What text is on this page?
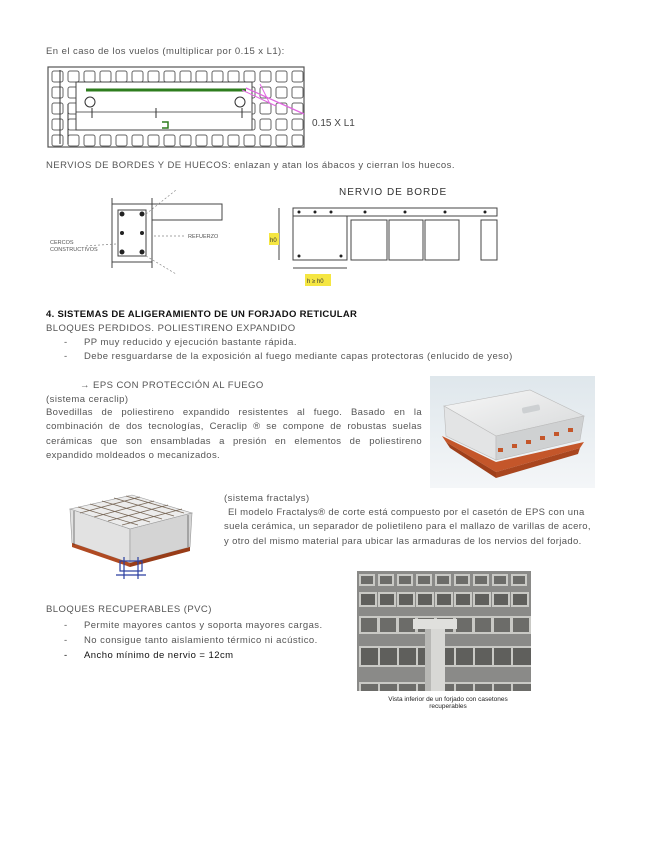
En el caso de los vuelos (multiplicar por 0.15 x L1):
0.15 X L1
NERVIOS DE BORDES Y DE HUECOS: enlazan y atan los ábacos y cierran los huecos.
CERCOS
CONSTRUCTIVOS
REFUERZO
NERVIO DE BORDE
h0
h ≥ h0
4. SISTEMAS DE ALIGERAMIENTO DE UN FORJADO RETICULAR
BLOQUES PERDIDOS. POLIESTIRENO EXPANDIDO
- PP muy reducido y ejecución bastante rápida.
- Debe resguardarse de la exposición al fuego mediante capas protectoras (enlucido de yeso)
→ EPS CON PROTECCIÓN AL FUEGO
(sistema ceraclip)
Bovedillas de poliestireno expandido resistentes al fuego. Basado en la
combinación de dos tecnologías, Ceraclip ® se compone de robustas suelas
cerámicas que son ensambladas a presión en elementos de poliestireno
expandido moldeados o mecanizados.
(sistema fractalys)
El modelo Fractalys® de corte está compuesto por el casetón de EPS con una
suela cerámica, un separador de polietileno para el mallazo de varillas de acero,
y otro del mismo material para ubicar las armaduras de los nervios del forjado.
BLOQUES RECUPERABLES (PVC)
- Permite mayores cantos y soporta mayores cargas.
- No consigue tanto aislamiento térmico ni acústico.
- Ancho mínimo de nervio = 12cm
Vista inferior de un forjado con casetones
recuperables
